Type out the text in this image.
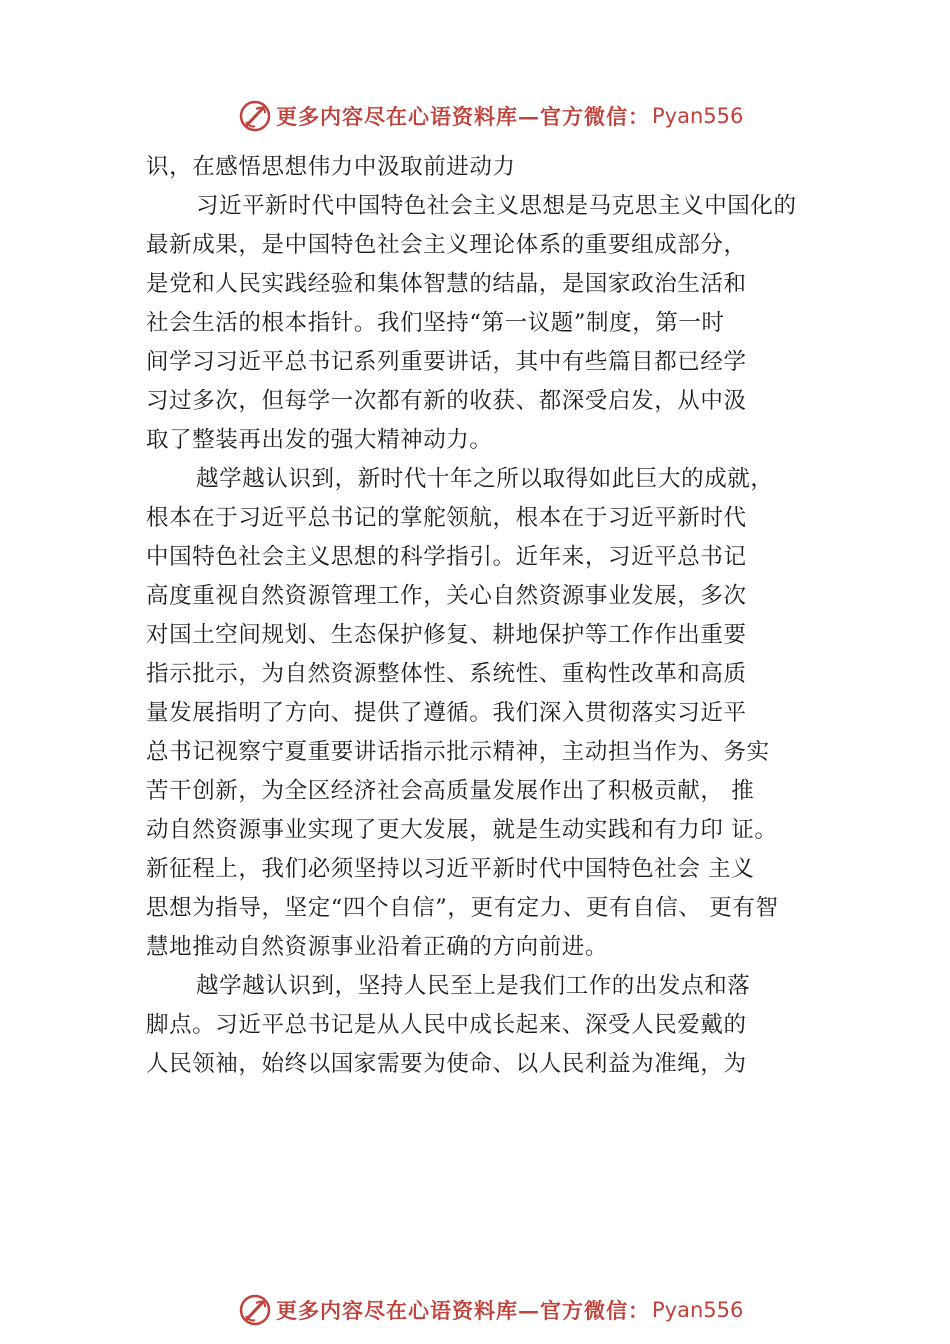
更多内容尽在心语资料库—官方微信： Pyan556
识，在感悟思想伟力中汲取前进动力
习近平新时代中国特色社会主义思想是马克思主义中国化的
最新成果，是中国特色社会主义理论体系的重要组成部分，
是党和人民实践经验和集体智慧的结晶，是国家政治生活和
社会生活的根本指针。我们坚持“第一议题”制度，第一时
间学习习近平总书记系列重要讲话，其中有些篇目都已经学
习过多次，但每学一次都有新的收获、都深受启发，从中汲
取了整装再出发的强大精神动力。
越学越认识到，新时代十年之所以取得如此巨大的成就，
根本在于习近平总书记的掌舵领航，根本在于习近平新时代
中国特色社会主义思想的科学指引。近年来，习近平总书记
高度重视自然资源管理工作，关心自然资源事业发展，多次
对国土空间规划、生态保护修复、耕地保护等工作作出重要
指示批示，为自然资源整体性、系统性、重构性改革和高质
量发展指明了方向、提供了遵循。我们深入贯彻落实习近平
总书记视察宁夏重要讲话指示批示精神，主动担当作为、务实
苦干创新，为全区经济社会高质量发展作出了积极贡献， 推
动自然资源事业实现了更大发展，就是生动实践和有力印 证。
新征程上，我们必须坚持以习近平新时代中国特色社会 主义
思想为指导，坚定“四个自信”，更有定力、更有自信、 更有智
慧地推动自然资源事业沿着正确的方向前进。
越学越认识到，坚持人民至上是我们工作的出发点和落
脚点。习近平总书记是从人民中成长起来、深受人民爱戴的
人民领袖，始终以国家需要为使命、以人民利益为准绳，为
更多内容尽在心语资料库—官方微信： Pyan556
